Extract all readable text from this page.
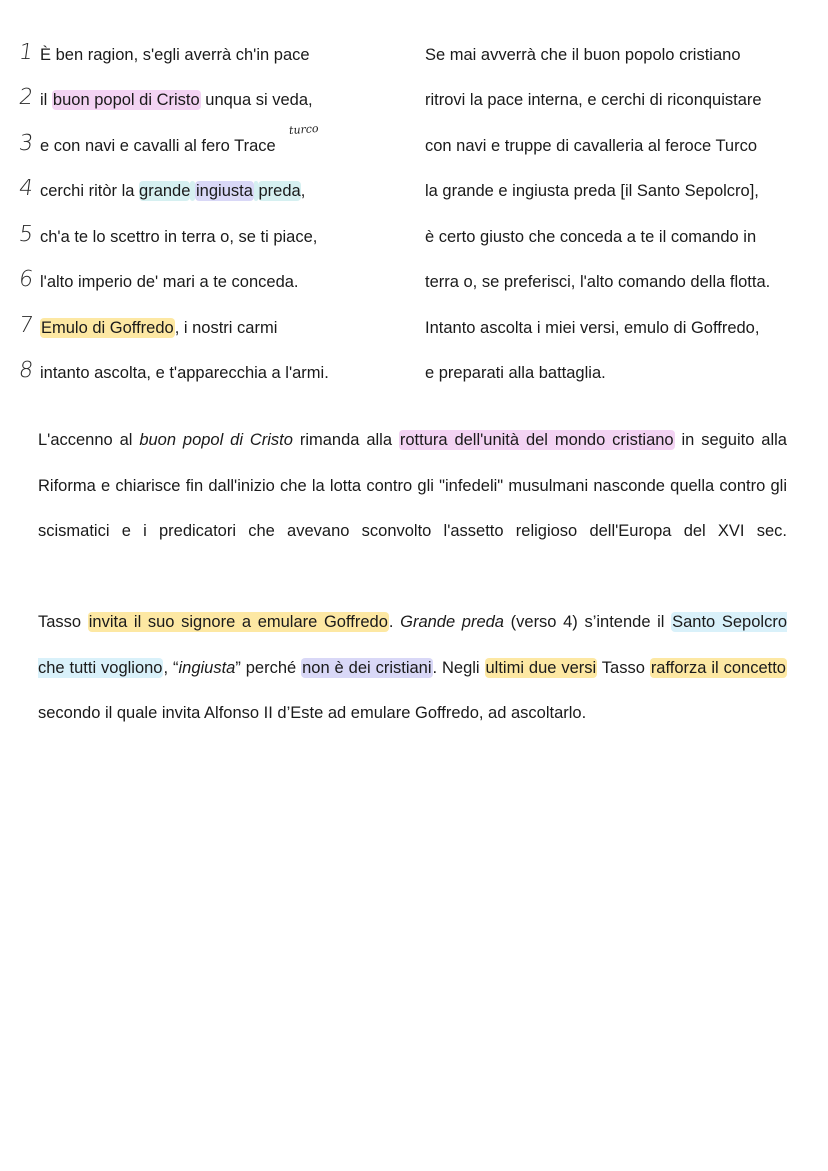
1 È ben ragion, s'egli averrà ch'in pace	Se mai avverrà che il buon popolo cristiano
2 il buon popol di Cristo unqua si veda,	ritrovi la pace interna, e cerchi di riconquistare
3 e con navi e cavalli al fero Trace	con navi e truppe di cavalleria al feroce Turco
turco
4 cerchi ritòr la grande ingiusta preda,	la grande e ingiusta preda [il Santo Sepolcro],
5 ch'a te lo scettro in terra o, se ti piace,	è certo giusto che conceda a te il comando in
6 l'alto imperio de' mari a te conceda.	terra o, se preferisci, l'alto comando della flotta.
7 Emulo di Goffredo, i nostri carmi	Intanto ascolta i miei versi, emulo di Goffredo,
8 intanto ascolta, e t'apparecchia a l'armi.	e preparati alla battaglia.

L'accenno al buon popol di Cristo rimanda alla rottura dell'unità del mondo cristiano in seguito alla Riforma e chiarisce fin dall'inizio che la lotta contro gli "infedeli" musulmani nasconde quella contro gli scismatici e i predicatori che avevano sconvolto l'assetto religioso dell'Europa del XVI sec.

Tasso invita il suo signore a emulare Goffredo. Grande preda (verso 4) s’intende il Santo Sepolcro che tutti vogliono, “ingiusta” perché non è dei cristiani. Negli ultimi due versi Tasso rafforza il concetto secondo il quale invita Alfonso II d’Este ad emulare Goffredo, ad ascoltarlo.
